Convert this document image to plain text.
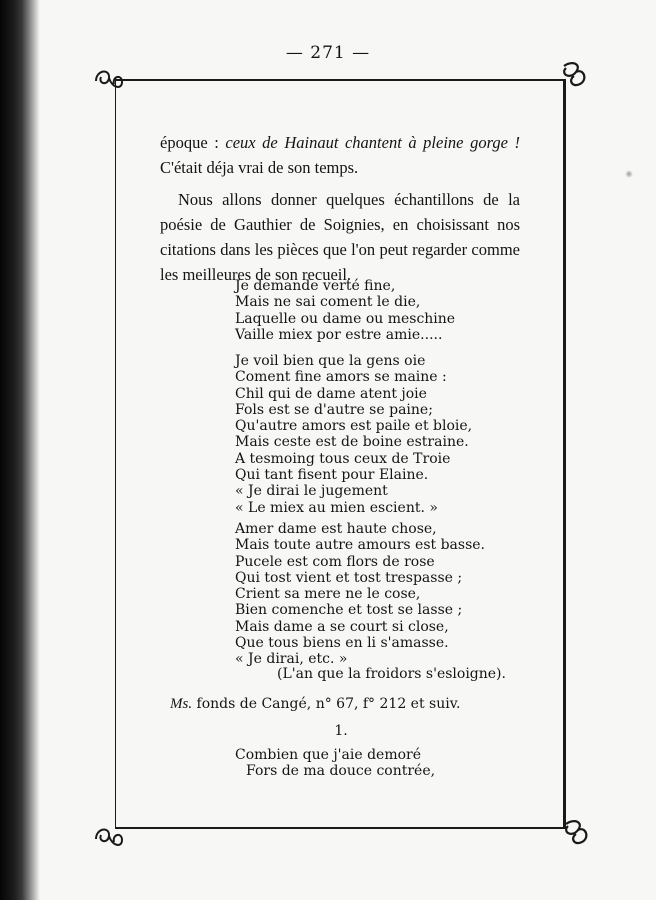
— 271 —

époque : ceux de Hainaut chantent à pleine gorge ! C'était déja vrai de son temps.

Nous allons donner quelques échantillons de la poésie de Gauthier de Soignies, en choisissant nos citations dans les pièces que l'on peut regarder comme les meilleures de son recueil.

Je demande verté fine,
Mais ne sai coment le die,
Laquelle ou dame ou meschine
Vaille miex por estre amie.....
Je voil bien que la gens oie
Coment fine amors se maine :
Chil qui de dame atent joie
Fols est se d'autre se paine;
Qu'autre amors est paile et bloie,
Mais ceste est de boine estraine.
A tesmoing tous ceux de Troie
Qui tant fisent pour Elaine.
« Je dirai le jugement
« Le miex au mien escient. »
Amer dame est haute chose,
Mais toute autre amours est basse.
Pucele est com flors de rose
Qui tost vient et tost trespasse ;
Crient sa mere ne le cose,
Bien comenche et tost se lasse ;
Mais dame a se court si close,
Que tous biens en li s'amasse.
« Je dirai, etc. »
(L'an que la froidors s'esloigne).
Ms. fonds de Cangé, n° 67, f° 212 et suiv.
1.
Combien que j'aie demoré
Fors de ma douce contrée,
